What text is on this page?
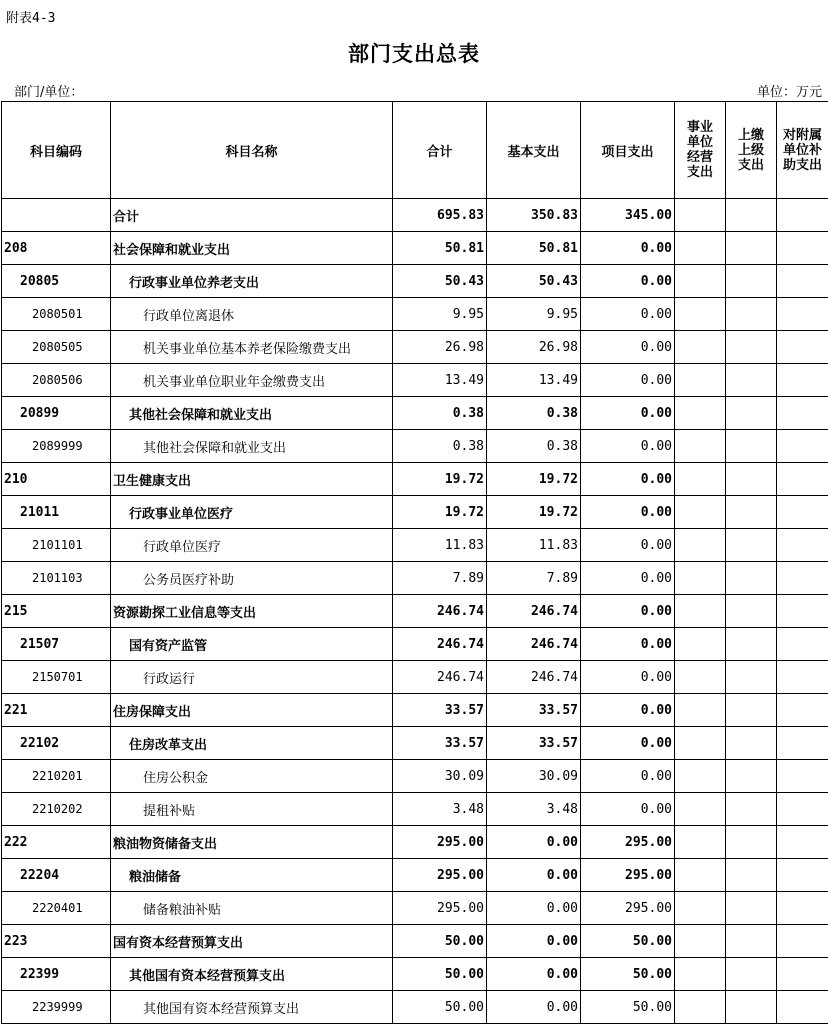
附表4-3
部门支出总表
部门/单位：	单位：万元
科目编码	科目名称	合计	基本支出	项目支出	事业单位经营支出	上缴上级支出	对附属单位补助支出
	合计	695.83	350.83	345.00			
208	社会保障和就业支出	50.81	50.81	0.00			
20805	行政事业单位养老支出	50.43	50.43	0.00			
2080501	行政单位离退休	9.95	9.95	0.00			
2080505	机关事业单位基本养老保险缴费支出	26.98	26.98	0.00			
2080506	机关事业单位职业年金缴费支出	13.49	13.49	0.00			
20899	其他社会保障和就业支出	0.38	0.38	0.00			
2089999	其他社会保障和就业支出	0.38	0.38	0.00			
210	卫生健康支出	19.72	19.72	0.00			
21011	行政事业单位医疗	19.72	19.72	0.00			
2101101	行政单位医疗	11.83	11.83	0.00			
2101103	公务员医疗补助	7.89	7.89	0.00			
215	资源勘探工业信息等支出	246.74	246.74	0.00			
21507	国有资产监管	246.74	246.74	0.00			
2150701	行政运行	246.74	246.74	0.00			
221	住房保障支出	33.57	33.57	0.00			
22102	住房改革支出	33.57	33.57	0.00			
2210201	住房公积金	30.09	30.09	0.00			
2210202	提租补贴	3.48	3.48	0.00			
222	粮油物资储备支出	295.00	0.00	295.00			
22204	粮油储备	295.00	0.00	295.00			
2220401	储备粮油补贴	295.00	0.00	295.00			
223	国有资本经营预算支出	50.00	0.00	50.00			
22399	其他国有资本经营预算支出	50.00	0.00	50.00			
2239999	其他国有资本经营预算支出	50.00	0.00	50.00			
